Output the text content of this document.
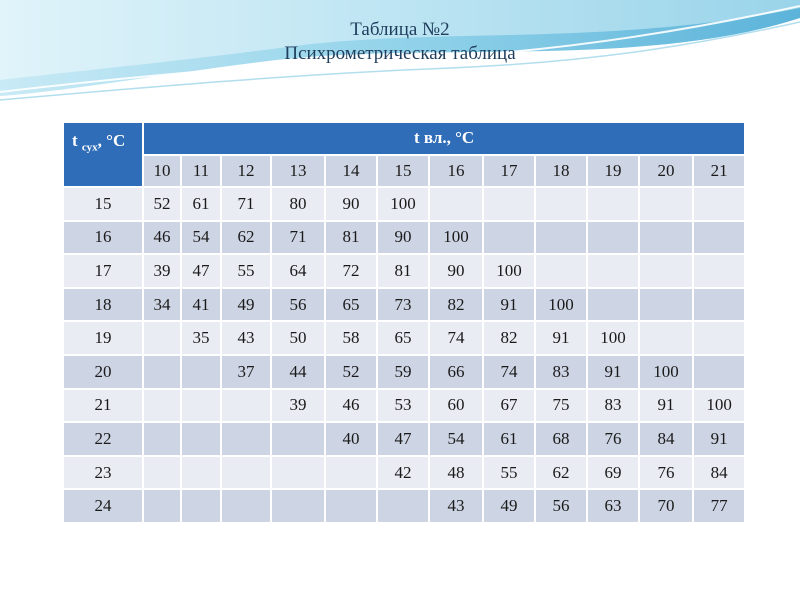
Таблица №2
Психрометрическая таблица
t $_{сух}$, °С	t вл., °С											
	10	11	12	13	14	15	16	17	18	19	20	21
15	52	61	71	80	90	100						
16	46	54	62	71	81	90	100					
17	39	47	55	64	72	81	90	100				
18	34	41	49	56	65	73	82	91	100			
19		35	43	50	58	65	74	82	91	100		
20			37	44	52	59	66	74	83	91	100	
21				39	46	53	60	67	75	83	91	100
22					40	47	54	61	68	76	84	91
23						42	48	55	62	69	76	84
24							43	49	56	63	70	77
